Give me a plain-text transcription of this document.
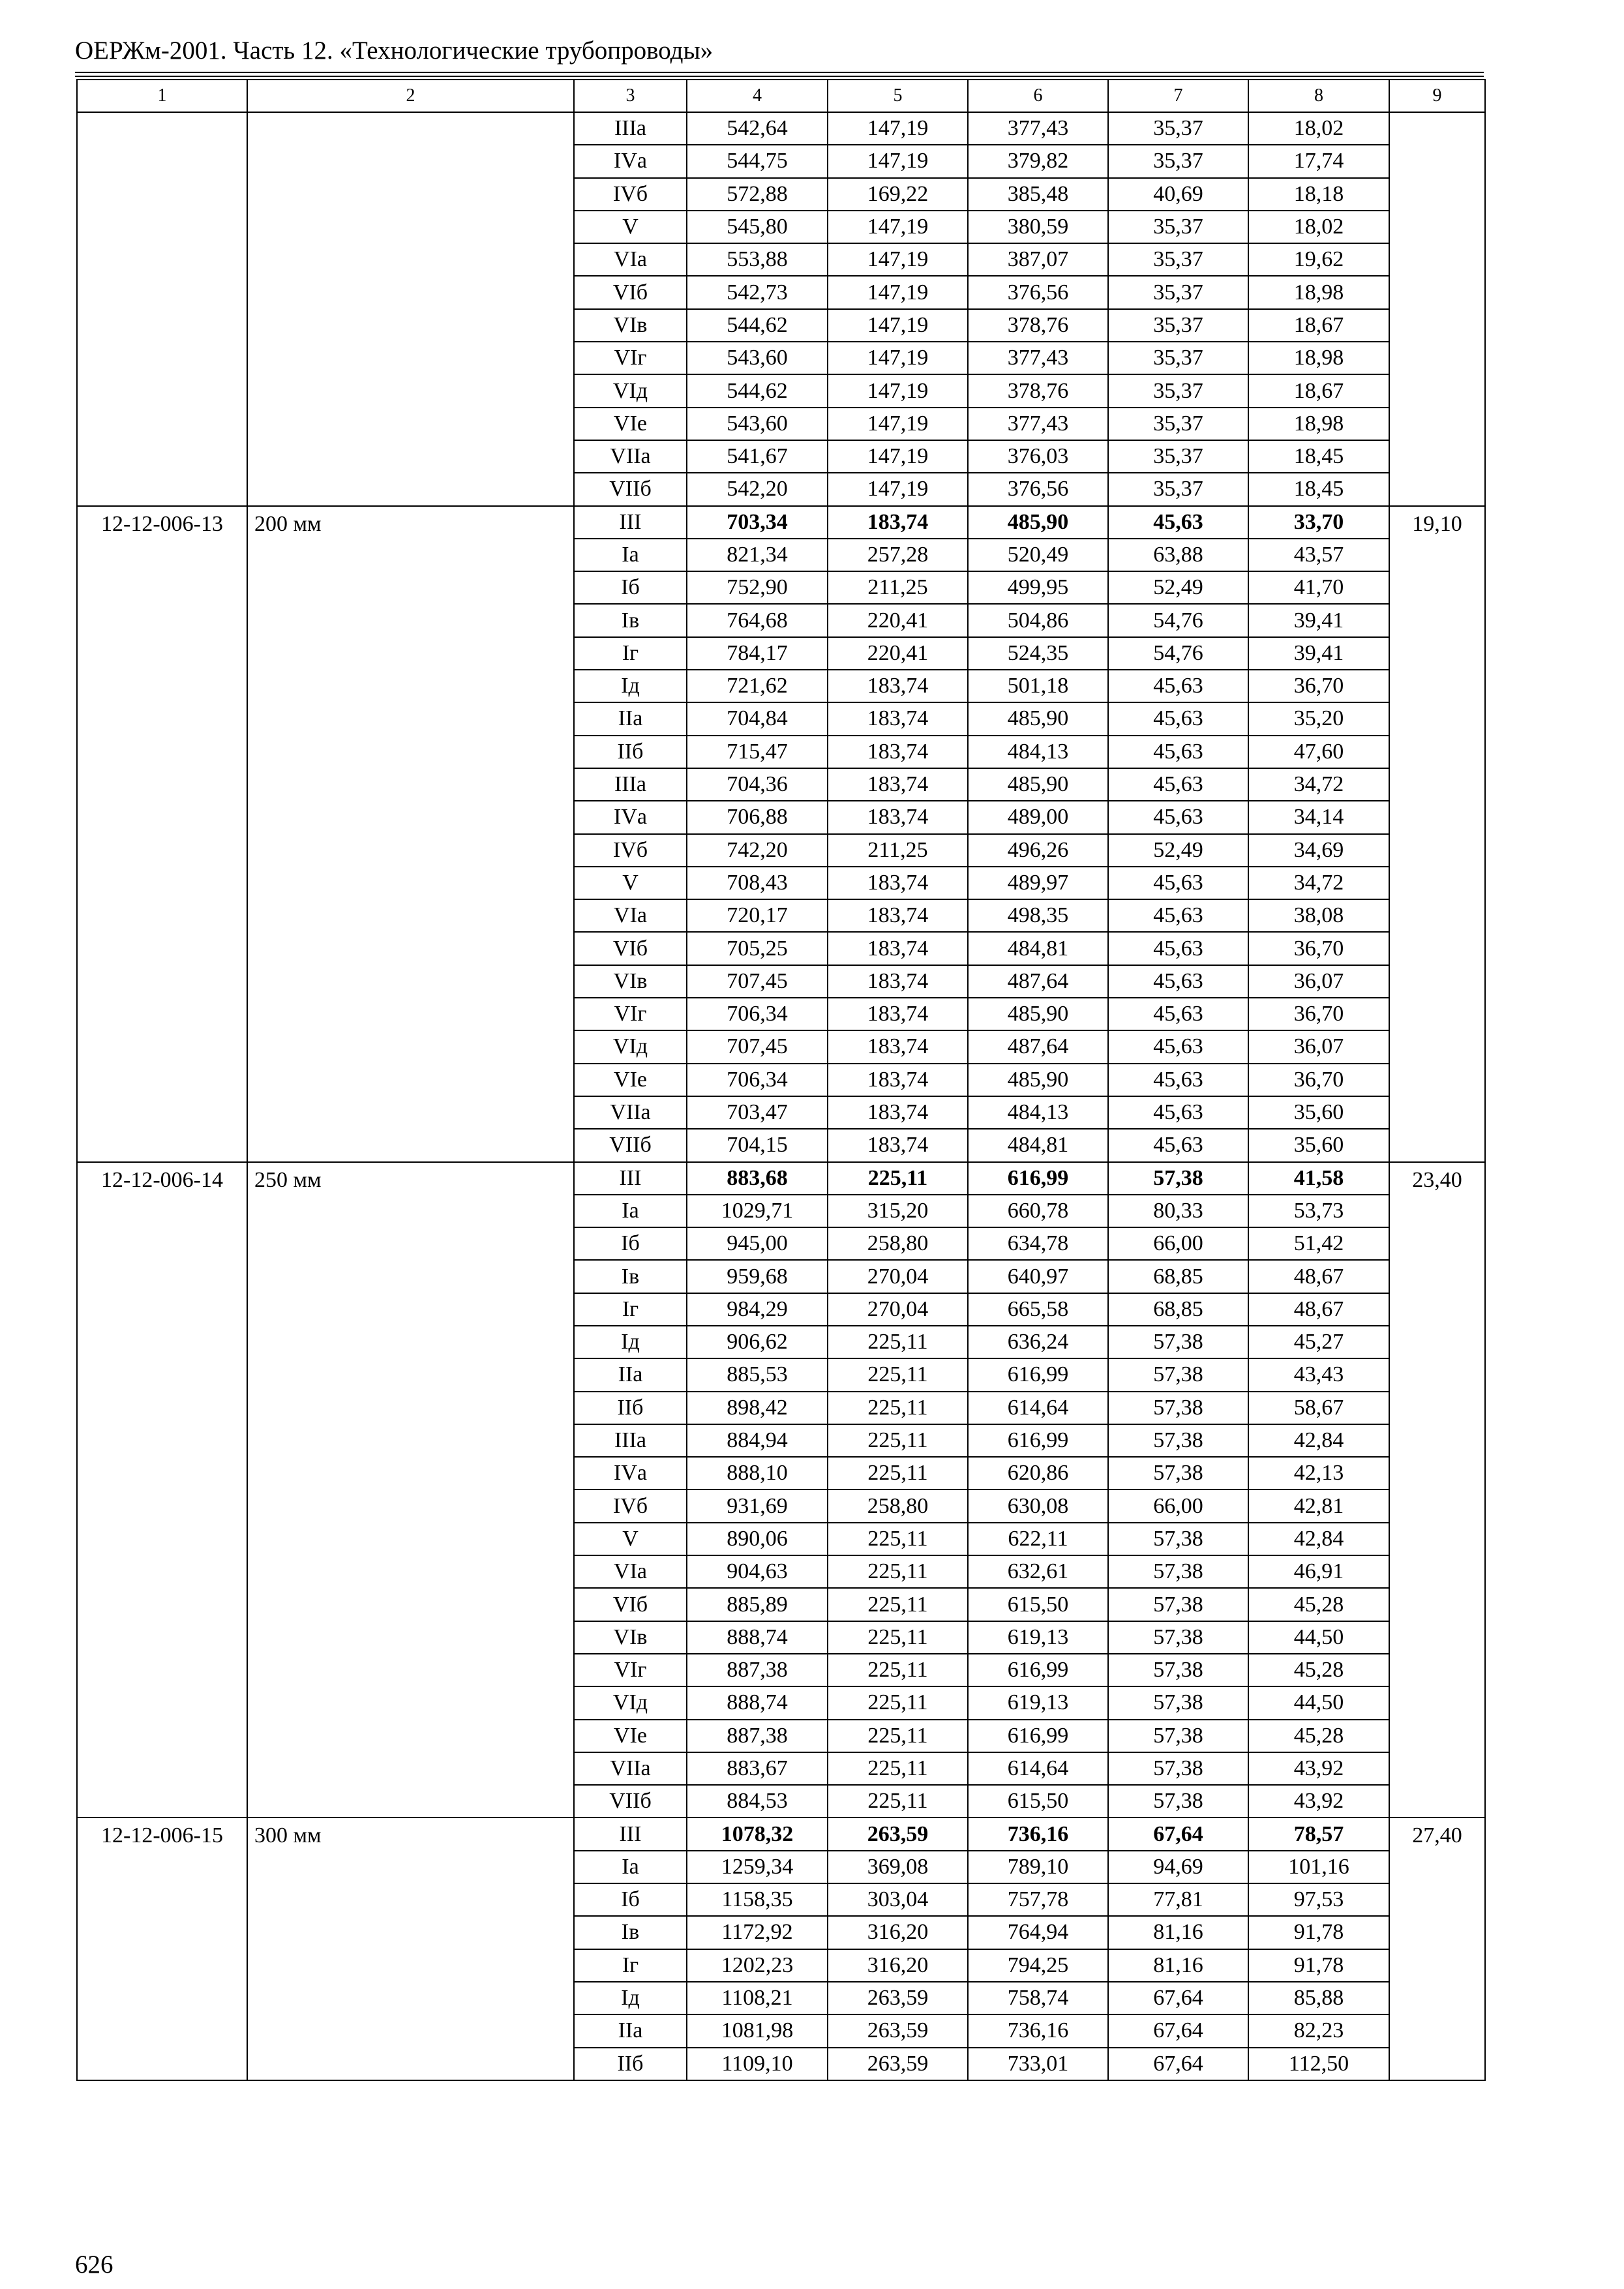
ОЕРЖм-2001. Часть 12. «Технологические трубопроводы»
1	2	3	4	5	6	7	8	9
		IIIа	542,64	147,19	377,43	35,37	18,02	
		IVа	544,75	147,19	379,82	35,37	17,74	
		IVб	572,88	169,22	385,48	40,69	18,18	
		V	545,80	147,19	380,59	35,37	18,02	
		VIа	553,88	147,19	387,07	35,37	19,62	
		VIб	542,73	147,19	376,56	35,37	18,98	
		VIв	544,62	147,19	378,76	35,37	18,67	
		VIг	543,60	147,19	377,43	35,37	18,98	
		VIд	544,62	147,19	378,76	35,37	18,67	
		VIе	543,60	147,19	377,43	35,37	18,98	
		VIIа	541,67	147,19	376,03	35,37	18,45	
		VIIб	542,20	147,19	376,56	35,37	18,45	
12-12-006-13	200 мм	III	703,34	183,74	485,90	45,63	33,70	19,10
		Iа	821,34	257,28	520,49	63,88	43,57	
		Iб	752,90	211,25	499,95	52,49	41,70	
		Iв	764,68	220,41	504,86	54,76	39,41	
		Iг	784,17	220,41	524,35	54,76	39,41	
		Iд	721,62	183,74	501,18	45,63	36,70	
		IIа	704,84	183,74	485,90	45,63	35,20	
		IIб	715,47	183,74	484,13	45,63	47,60	
		IIIа	704,36	183,74	485,90	45,63	34,72	
		IVа	706,88	183,74	489,00	45,63	34,14	
		IVб	742,20	211,25	496,26	52,49	34,69	
		V	708,43	183,74	489,97	45,63	34,72	
		VIа	720,17	183,74	498,35	45,63	38,08	
		VIб	705,25	183,74	484,81	45,63	36,70	
		VIв	707,45	183,74	487,64	45,63	36,07	
		VIг	706,34	183,74	485,90	45,63	36,70	
		VIд	707,45	183,74	487,64	45,63	36,07	
		VIе	706,34	183,74	485,90	45,63	36,70	
		VIIа	703,47	183,74	484,13	45,63	35,60	
		VIIб	704,15	183,74	484,81	45,63	35,60	
12-12-006-14	250 мм	III	883,68	225,11	616,99	57,38	41,58	23,40
		Iа	1029,71	315,20	660,78	80,33	53,73	
		Iб	945,00	258,80	634,78	66,00	51,42	
		Iв	959,68	270,04	640,97	68,85	48,67	
		Iг	984,29	270,04	665,58	68,85	48,67	
		Iд	906,62	225,11	636,24	57,38	45,27	
		IIа	885,53	225,11	616,99	57,38	43,43	
		IIб	898,42	225,11	614,64	57,38	58,67	
		IIIа	884,94	225,11	616,99	57,38	42,84	
		IVа	888,10	225,11	620,86	57,38	42,13	
		IVб	931,69	258,80	630,08	66,00	42,81	
		V	890,06	225,11	622,11	57,38	42,84	
		VIа	904,63	225,11	632,61	57,38	46,91	
		VIб	885,89	225,11	615,50	57,38	45,28	
		VIв	888,74	225,11	619,13	57,38	44,50	
		VIг	887,38	225,11	616,99	57,38	45,28	
		VIд	888,74	225,11	619,13	57,38	44,50	
		VIе	887,38	225,11	616,99	57,38	45,28	
		VIIа	883,67	225,11	614,64	57,38	43,92	
		VIIб	884,53	225,11	615,50	57,38	43,92	
12-12-006-15	300 мм	III	1078,32	263,59	736,16	67,64	78,57	27,40
		Iа	1259,34	369,08	789,10	94,69	101,16	
		Iб	1158,35	303,04	757,78	77,81	97,53	
		Iв	1172,92	316,20	764,94	81,16	91,78	
		Iг	1202,23	316,20	794,25	81,16	91,78	
		Iд	1108,21	263,59	758,74	67,64	85,88	
		IIа	1081,98	263,59	736,16	67,64	82,23	
		IIб	1109,10	263,59	733,01	67,64	112,50	
626
